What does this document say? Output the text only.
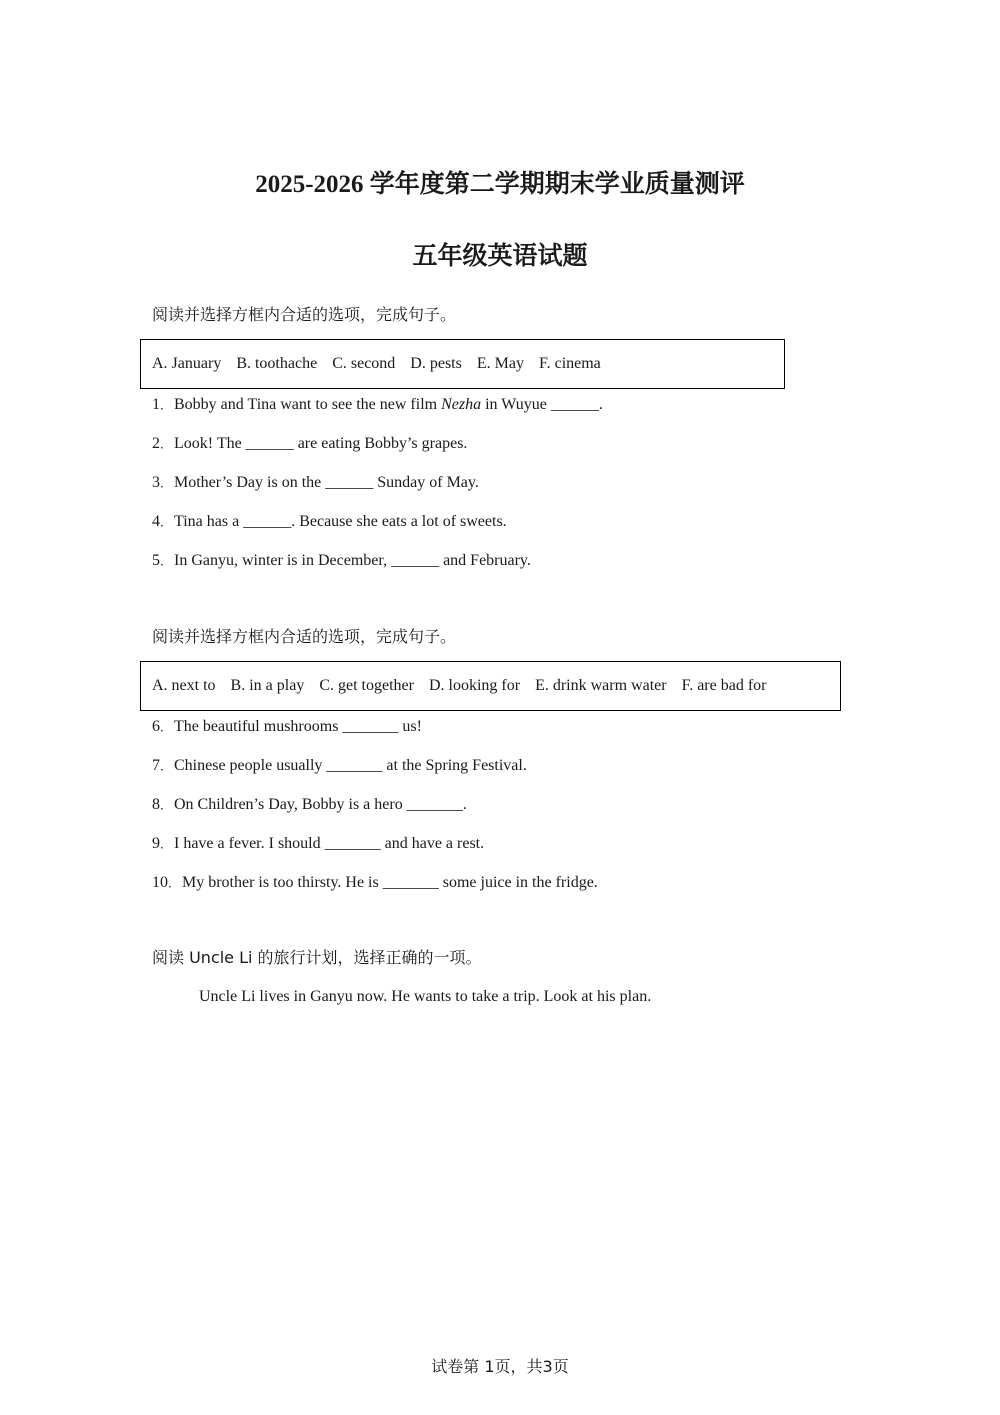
2025-2026 学年度第二学期期末学业质量测评
五年级英语试题

阅读并选择方框内合适的选项，完成句子。

A. January B. toothache C. second D. pests E. May F. cinema

1． Bobby and Tina want to see the new film Nezha in Wuyue ______.

2． Look! The ______ are eating Bobby’s grapes.

3． Mother’s Day is on the ______ Sunday of May.

4． Tina has a ______. Because she eats a lot of sweets.

5． In Ganyu, winter is in December, ______ and February.

阅读并选择方框内合适的选项，完成句子。

A. next to B. in a play C. get together D. looking for E. drink warm water F. are bad for

6． The beautiful mushrooms _______ us!

7． Chinese people usually _______ at the Spring Festival.

8． On Children’s Day, Bobby is a hero _______.

9． I have a fever. I should _______ and have a rest.

10． My brother is too thirsty. He is _______ some juice in the fridge.

阅读 Uncle Li 的旅行计划，选择正确的一项。

Uncle Li lives in Ganyu now. He wants to take a trip. Look at his plan.

试卷第 1页，共3页
